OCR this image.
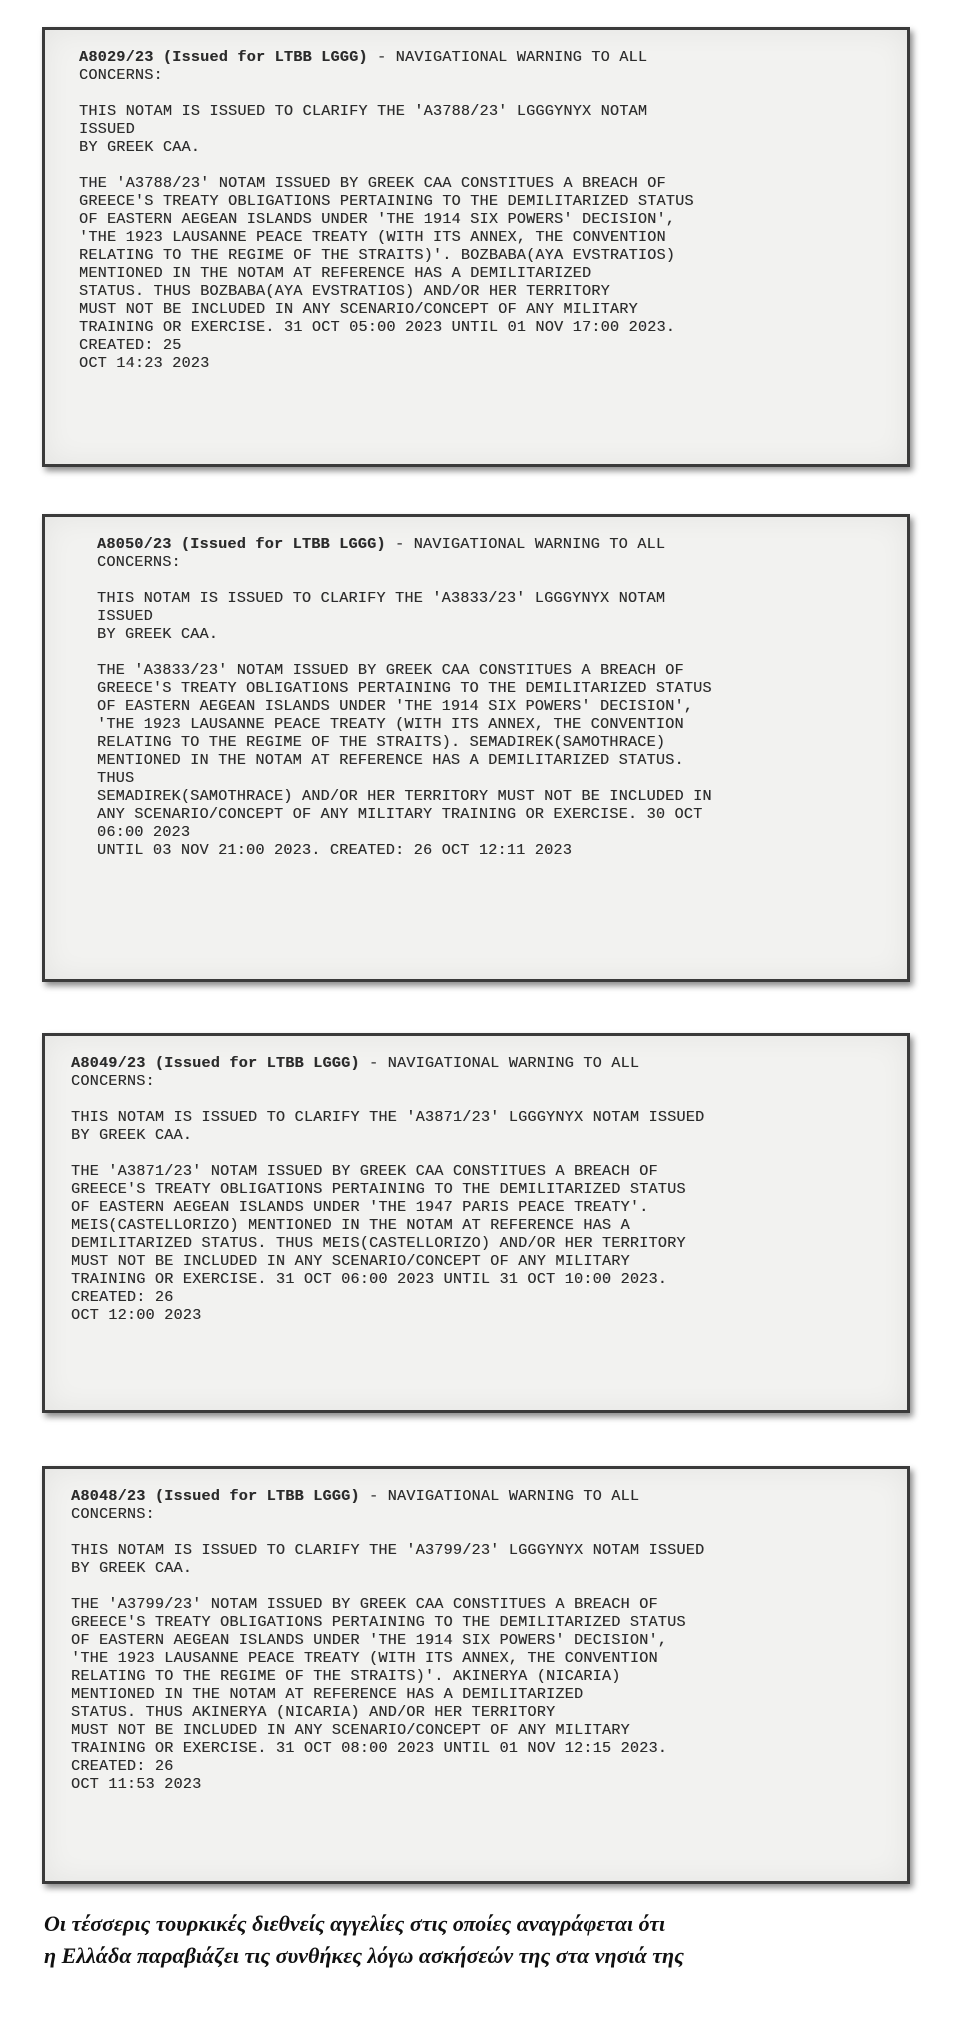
A8029/23 (Issued for LTBB LGGG) - NAVIGATIONAL WARNING TO ALL
CONCERNS:
THIS NOTAM IS ISSUED TO CLARIFY THE 'A3788/23' LGGGYNYX NOTAM
ISSUED
BY GREEK CAA.
THE 'A3788/23' NOTAM ISSUED BY GREEK CAA CONSTITUES A BREACH OF
GREECE'S TREATY OBLIGATIONS PERTAINING TO THE DEMILITARIZED STATUS
OF EASTERN AEGEAN ISLANDS UNDER 'THE 1914 SIX POWERS' DECISION',
'THE 1923 LAUSANNE PEACE TREATY (WITH ITS ANNEX, THE CONVENTION
RELATING TO THE REGIME OF THE STRAITS)'. BOZBABA(AYA EVSTRATIOS)
MENTIONED IN THE NOTAM AT REFERENCE HAS A DEMILITARIZED
STATUS. THUS BOZBABA(AYA EVSTRATIOS) AND/OR HER TERRITORY
MUST NOT BE INCLUDED IN ANY SCENARIO/CONCEPT OF ANY MILITARY
TRAINING OR EXERCISE. 31 OCT 05:00 2023 UNTIL 01 NOV 17:00 2023.
CREATED: 25
OCT 14:23 2023
A8050/23 (Issued for LTBB LGGG) - NAVIGATIONAL WARNING TO ALL
CONCERNS:
THIS NOTAM IS ISSUED TO CLARIFY THE 'A3833/23' LGGGYNYX NOTAM
ISSUED
BY GREEK CAA.
THE 'A3833/23' NOTAM ISSUED BY GREEK CAA CONSTITUES A BREACH OF
GREECE'S TREATY OBLIGATIONS PERTAINING TO THE DEMILITARIZED STATUS
OF EASTERN AEGEAN ISLANDS UNDER 'THE 1914 SIX POWERS' DECISION',
'THE 1923 LAUSANNE PEACE TREATY (WITH ITS ANNEX, THE CONVENTION
RELATING TO THE REGIME OF THE STRAITS). SEMADIREK(SAMOTHRACE)
MENTIONED IN THE NOTAM AT REFERENCE HAS A DEMILITARIZED STATUS.
THUS
SEMADIREK(SAMOTHRACE) AND/OR HER TERRITORY MUST NOT BE INCLUDED IN
ANY SCENARIO/CONCEPT OF ANY MILITARY TRAINING OR EXERCISE. 30 OCT
06:00 2023
UNTIL 03 NOV 21:00 2023. CREATED: 26 OCT 12:11 2023
A8049/23 (Issued for LTBB LGGG) - NAVIGATIONAL WARNING TO ALL
CONCERNS:
THIS NOTAM IS ISSUED TO CLARIFY THE 'A3871/23' LGGGYNYX NOTAM ISSUED
BY GREEK CAA.
THE 'A3871/23' NOTAM ISSUED BY GREEK CAA CONSTITUES A BREACH OF
GREECE'S TREATY OBLIGATIONS PERTAINING TO THE DEMILITARIZED STATUS
OF EASTERN AEGEAN ISLANDS UNDER 'THE 1947 PARIS PEACE TREATY'.
MEIS(CASTELLORIZO) MENTIONED IN THE NOTAM AT REFERENCE HAS A
DEMILITARIZED STATUS. THUS MEIS(CASTELLORIZO) AND/OR HER TERRITORY
MUST NOT BE INCLUDED IN ANY SCENARIO/CONCEPT OF ANY MILITARY
TRAINING OR EXERCISE. 31 OCT 06:00 2023 UNTIL 31 OCT 10:00 2023.
CREATED: 26
OCT 12:00 2023
A8048/23 (Issued for LTBB LGGG) - NAVIGATIONAL WARNING TO ALL
CONCERNS:
THIS NOTAM IS ISSUED TO CLARIFY THE 'A3799/23' LGGGYNYX NOTAM ISSUED
BY GREEK CAA.
THE 'A3799/23' NOTAM ISSUED BY GREEK CAA CONSTITUES A BREACH OF
GREECE'S TREATY OBLIGATIONS PERTAINING TO THE DEMILITARIZED STATUS
OF EASTERN AEGEAN ISLANDS UNDER 'THE 1914 SIX POWERS' DECISION',
'THE 1923 LAUSANNE PEACE TREATY (WITH ITS ANNEX, THE CONVENTION
RELATING TO THE REGIME OF THE STRAITS)'. AKINERYA (NICARIA)
MENTIONED IN THE NOTAM AT REFERENCE HAS A DEMILITARIZED
STATUS. THUS AKINERYA (NICARIA) AND/OR HER TERRITORY
MUST NOT BE INCLUDED IN ANY SCENARIO/CONCEPT OF ANY MILITARY
TRAINING OR EXERCISE. 31 OCT 08:00 2023 UNTIL 01 NOV 12:15 2023.
CREATED: 26
OCT 11:53 2023
Οι τέσσερις τουρκικές διεθνείς αγγελίες στις οποίες αναγράφεται ότι
η Ελλάδα παραβιάζει τις συνθήκες λόγω ασκήσεών της στα νησιά της
